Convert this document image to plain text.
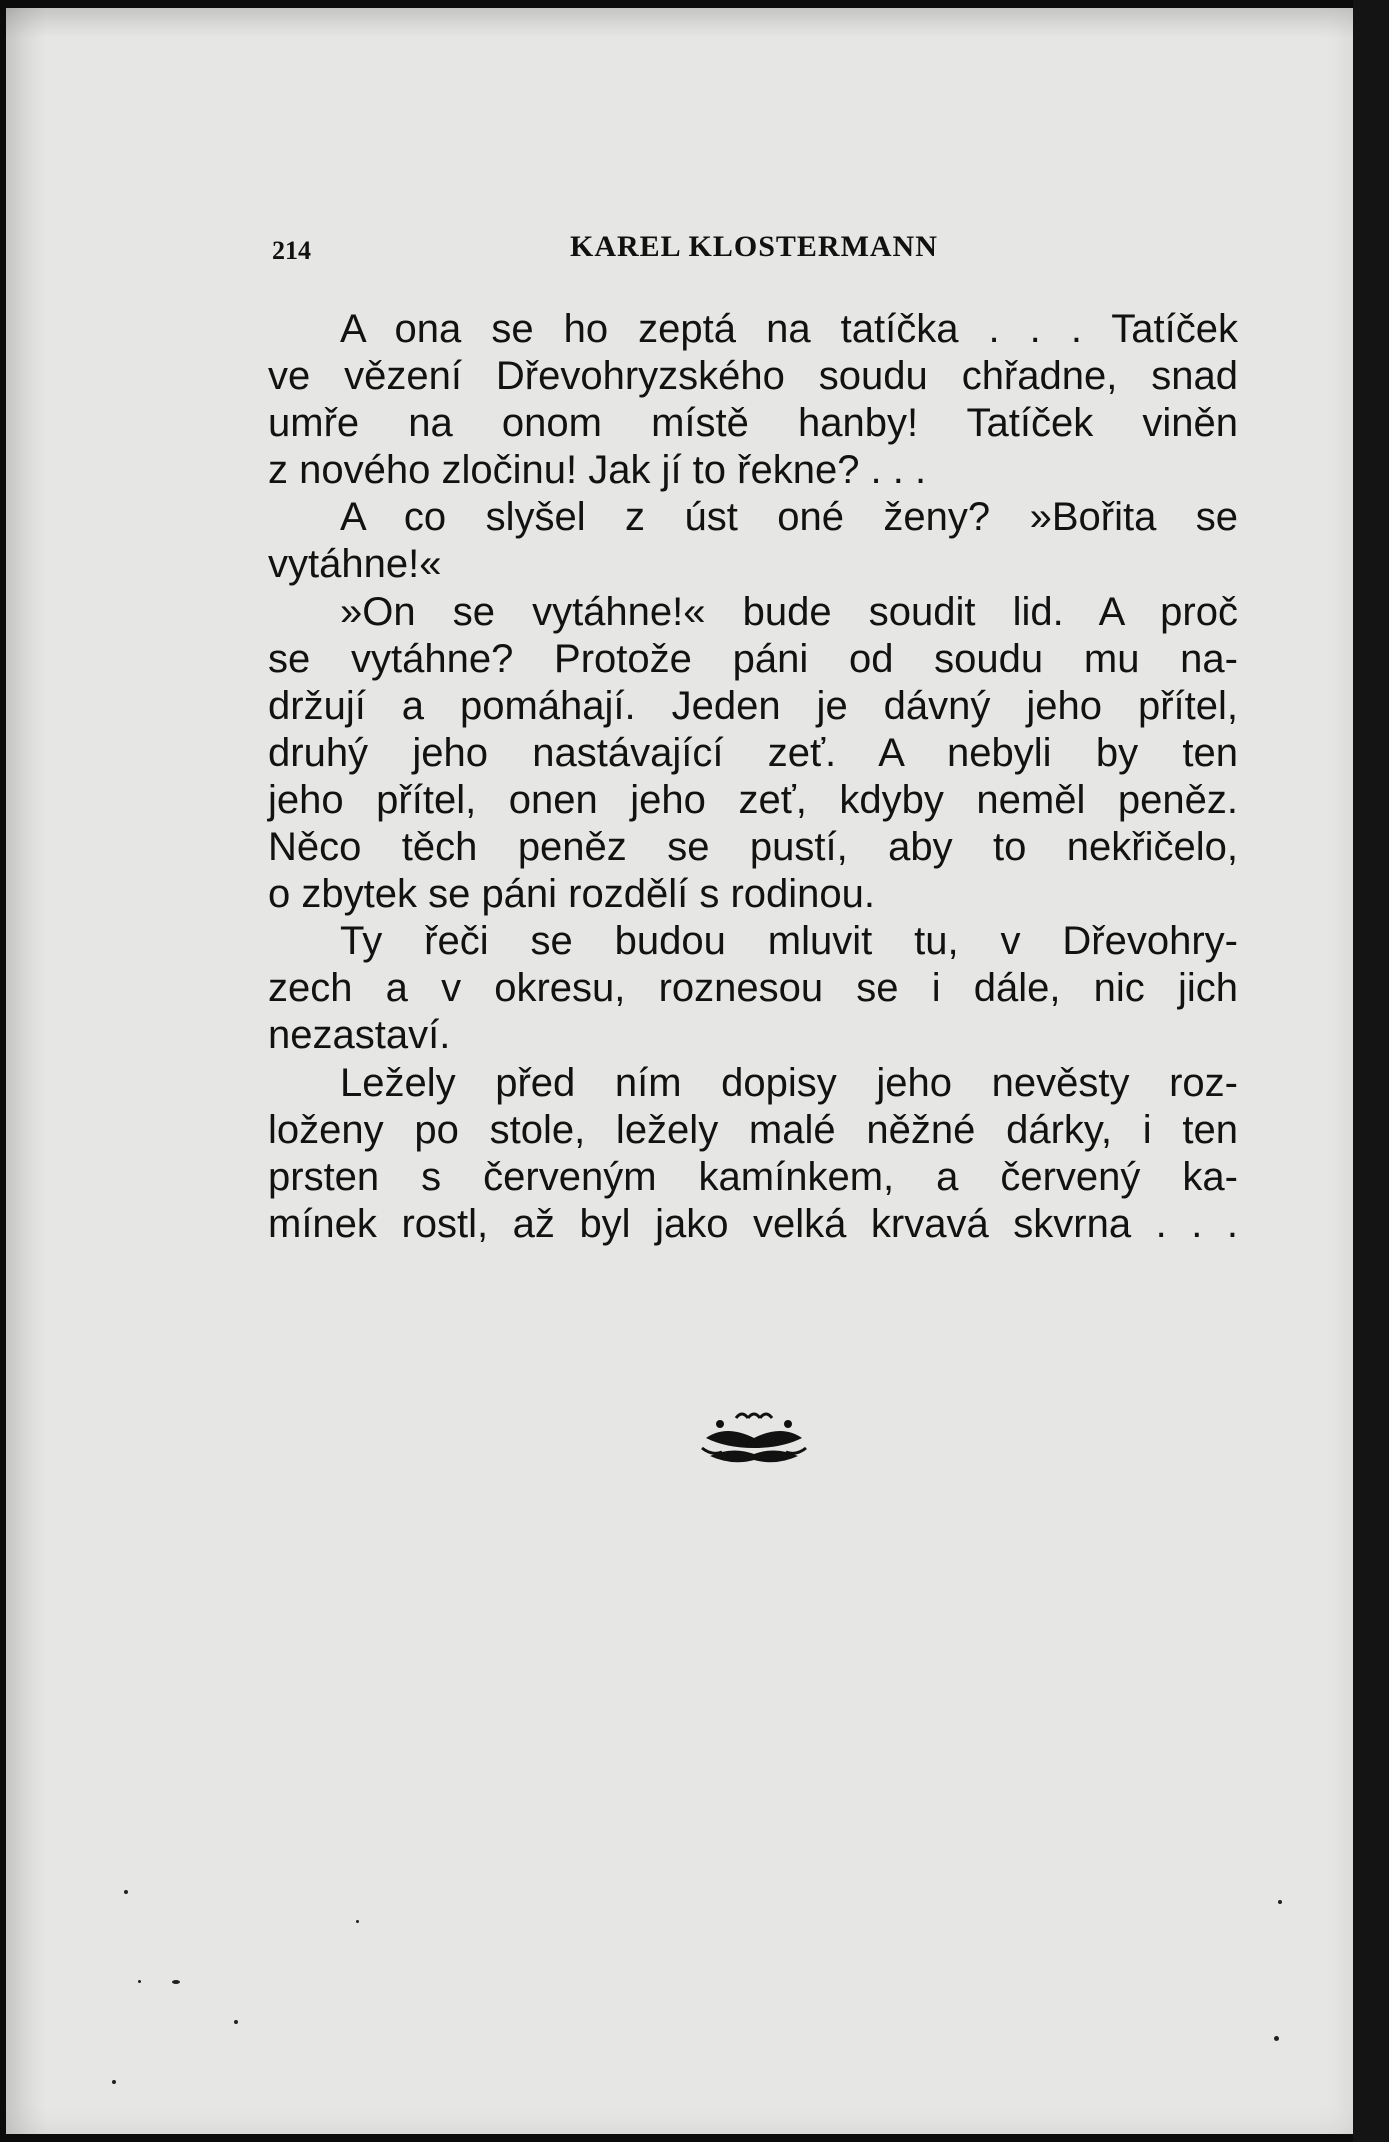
214	KAREL KLOSTERMANN
A ona se ho zeptá na tatíčka . . . Tatíček
ve vězení Dřevohryzského soudu chřadne, snad
umře na onom místě hanby! Tatíček viněn
z nového zločinu! Jak jí to řekne? . . .
A co slyšel z úst oné ženy? »Bořita se
vytáhne!«
»On se vytáhne!« bude soudit lid. A proč
se vytáhne? Protože páni od soudu mu na-
držují a pomáhají. Jeden je dávný jeho přítel,
druhý jeho nastávající zeť. A nebyli by ten
jeho přítel, onen jeho zeť, kdyby neměl peněz.
Něco těch peněz se pustí, aby to nekřičelo,
o zbytek se páni rozdělí s rodinou.
Ty řeči se budou mluvit tu, v Dřevohry-
zech a v okresu, roznesou se i dále, nic jich
nezastaví.
Ležely před ním dopisy jeho nevěsty roz-
loženy po stole, ležely malé něžné dárky, i ten
prsten s červeným kamínkem, a červený ka-
mínek rostl, až byl jako velká krvavá skvrna . . .
